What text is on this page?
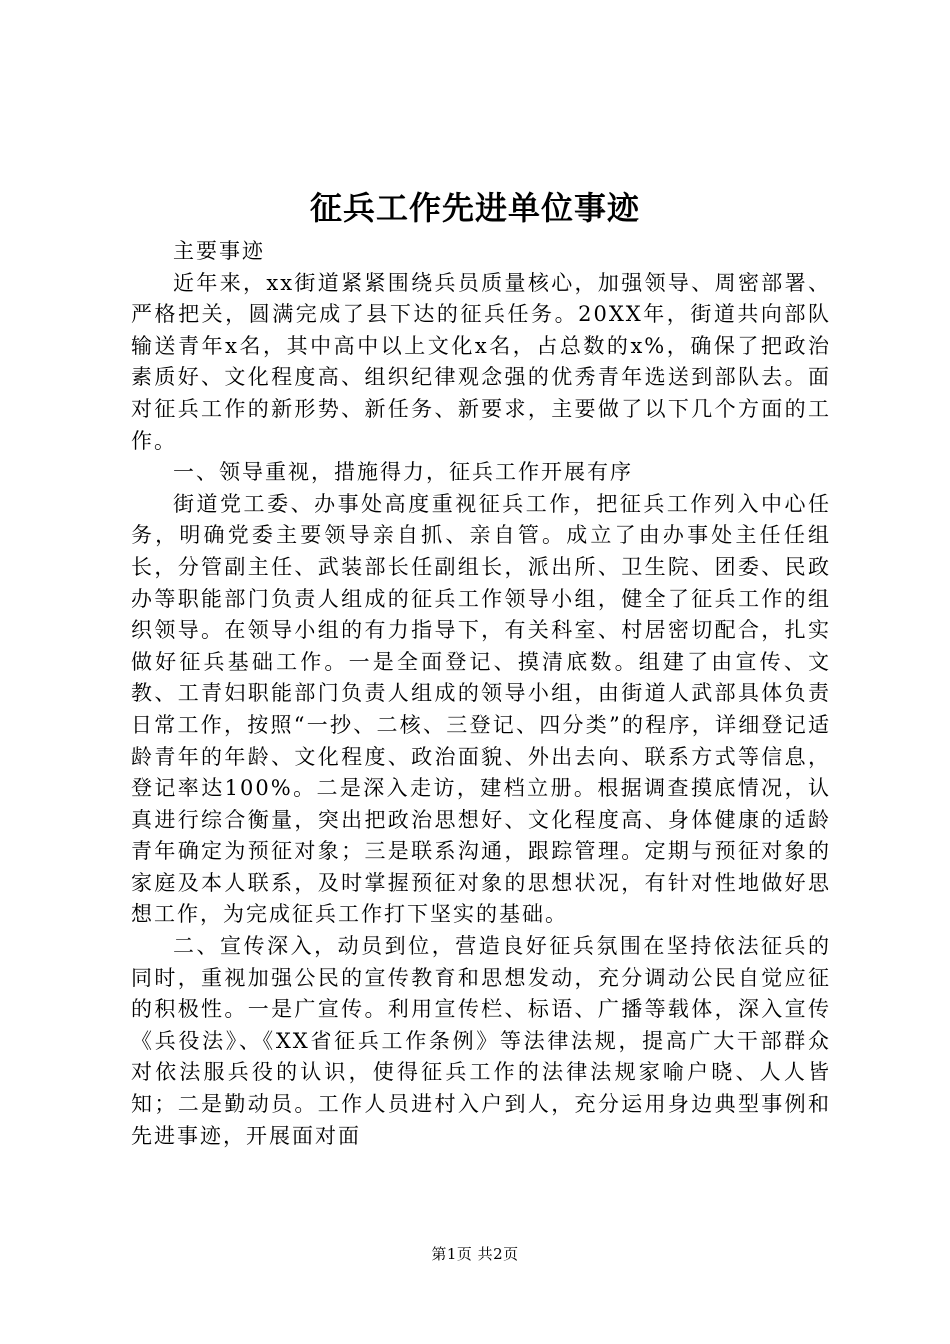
征兵工作先进单位事迹

主要事迹

近年来，xx街道紧紧围绕兵员质量核心，加强领导、周密部署、严格把关，圆满完成了县下达的征兵任务。20XX年，街道共向部队输送青年x名，其中高中以上文化x名，占总数的x%，确保了把政治素质好、文化程度高、组织纪律观念强的优秀青年选送到部队去。面对征兵工作的新形势、新任务、新要求，主要做了以下几个方面的工作。

一、领导重视，措施得力，征兵工作开展有序

街道党工委、办事处高度重视征兵工作，把征兵工作列入中心任务，明确党委主要领导亲自抓、亲自管。成立了由办事处主任任组长，分管副主任、武装部长任副组长，派出所、卫生院、团委、民政办等职能部门负责人组成的征兵工作领导小组，健全了征兵工作的组织领导。在领导小组的有力指导下，有关科室、村居密切配合，扎实做好征兵基础工作。一是全面登记、摸清底数。组建了由宣传、文教、工青妇职能部门负责人组成的领导小组，由街道人武部具体负责日常工作，按照“一抄、二核、三登记、四分类”的程序，详细登记适龄青年的年龄、文化程度、政治面貌、外出去向、联系方式等信息，登记率达100%。二是深入走访，建档立册。根据调查摸底情况，认真进行综合衡量，突出把政治思想好、文化程度高、身体健康的适龄青年确定为预征对象；三是联系沟通，跟踪管理。定期与预征对象的家庭及本人联系，及时掌握预征对象的思想状况，有针对性地做好思想工作，为完成征兵工作打下坚实的基础。

二、宣传深入，动员到位，营造良好征兵氛围在坚持依法征兵的同时，重视加强公民的宣传教育和思想发动，充分调动公民自觉应征的积极性。一是广宣传。利用宣传栏、标语、广播等载体，深入宣传《兵役法》、《XX省征兵工作条例》等法律法规，提高广大干部群众对依法服兵役的认识，使得征兵工作的法律法规家喻户晓、人人皆知；二是勤动员。工作人员进村入户到人，充分运用身边典型事例和先进事迹，开展面对面

第1页 共2页
